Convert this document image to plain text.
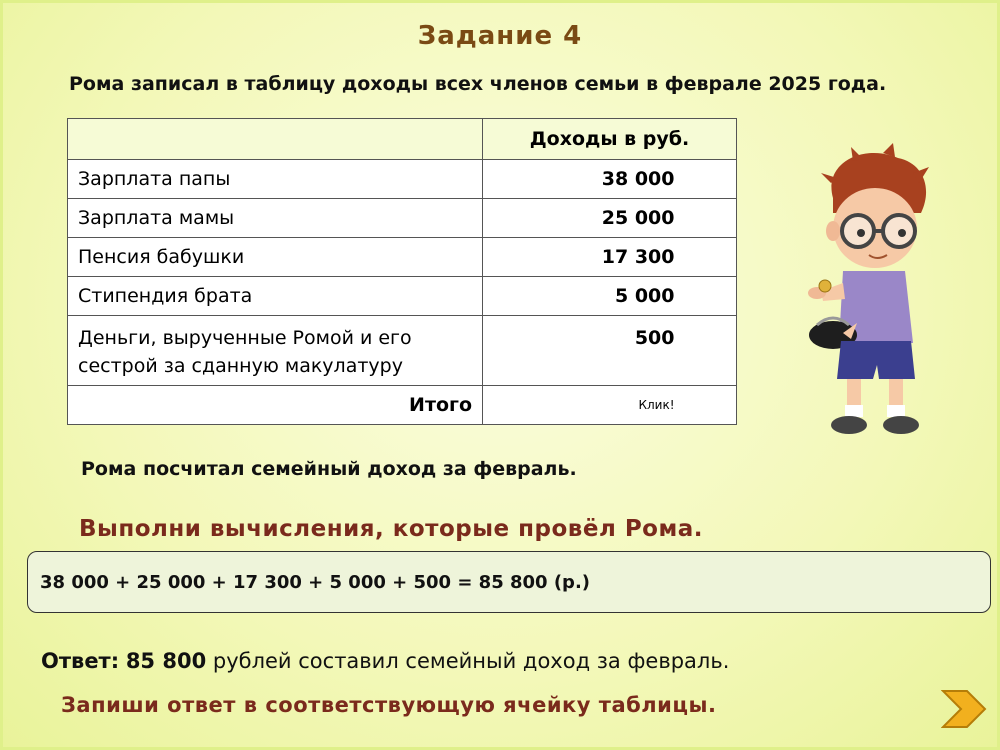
Задание 4
Рома записал в таблицу доходы всех членов семьи в феврале 2025 года.
	Доходы в руб.
Зарплата папы	38 000
Зарплата мамы	25 000
Пенсия бабушки	17 300
Стипендия брата	5 000
Деньги, вырученные Ромой и его сестрой за сданную макулатуру	500
Итого	Клик!
Рома посчитал семейный доход за февраль.
Выполни вычисления, которые провёл Рома.
38 000 + 25 000 + 17 300 + 5 000 + 500 = 85 800 (р.)
Ответ: 85 800 рублей составил семейный доход за февраль.
Запиши ответ в соответствующую ячейку таблицы.
